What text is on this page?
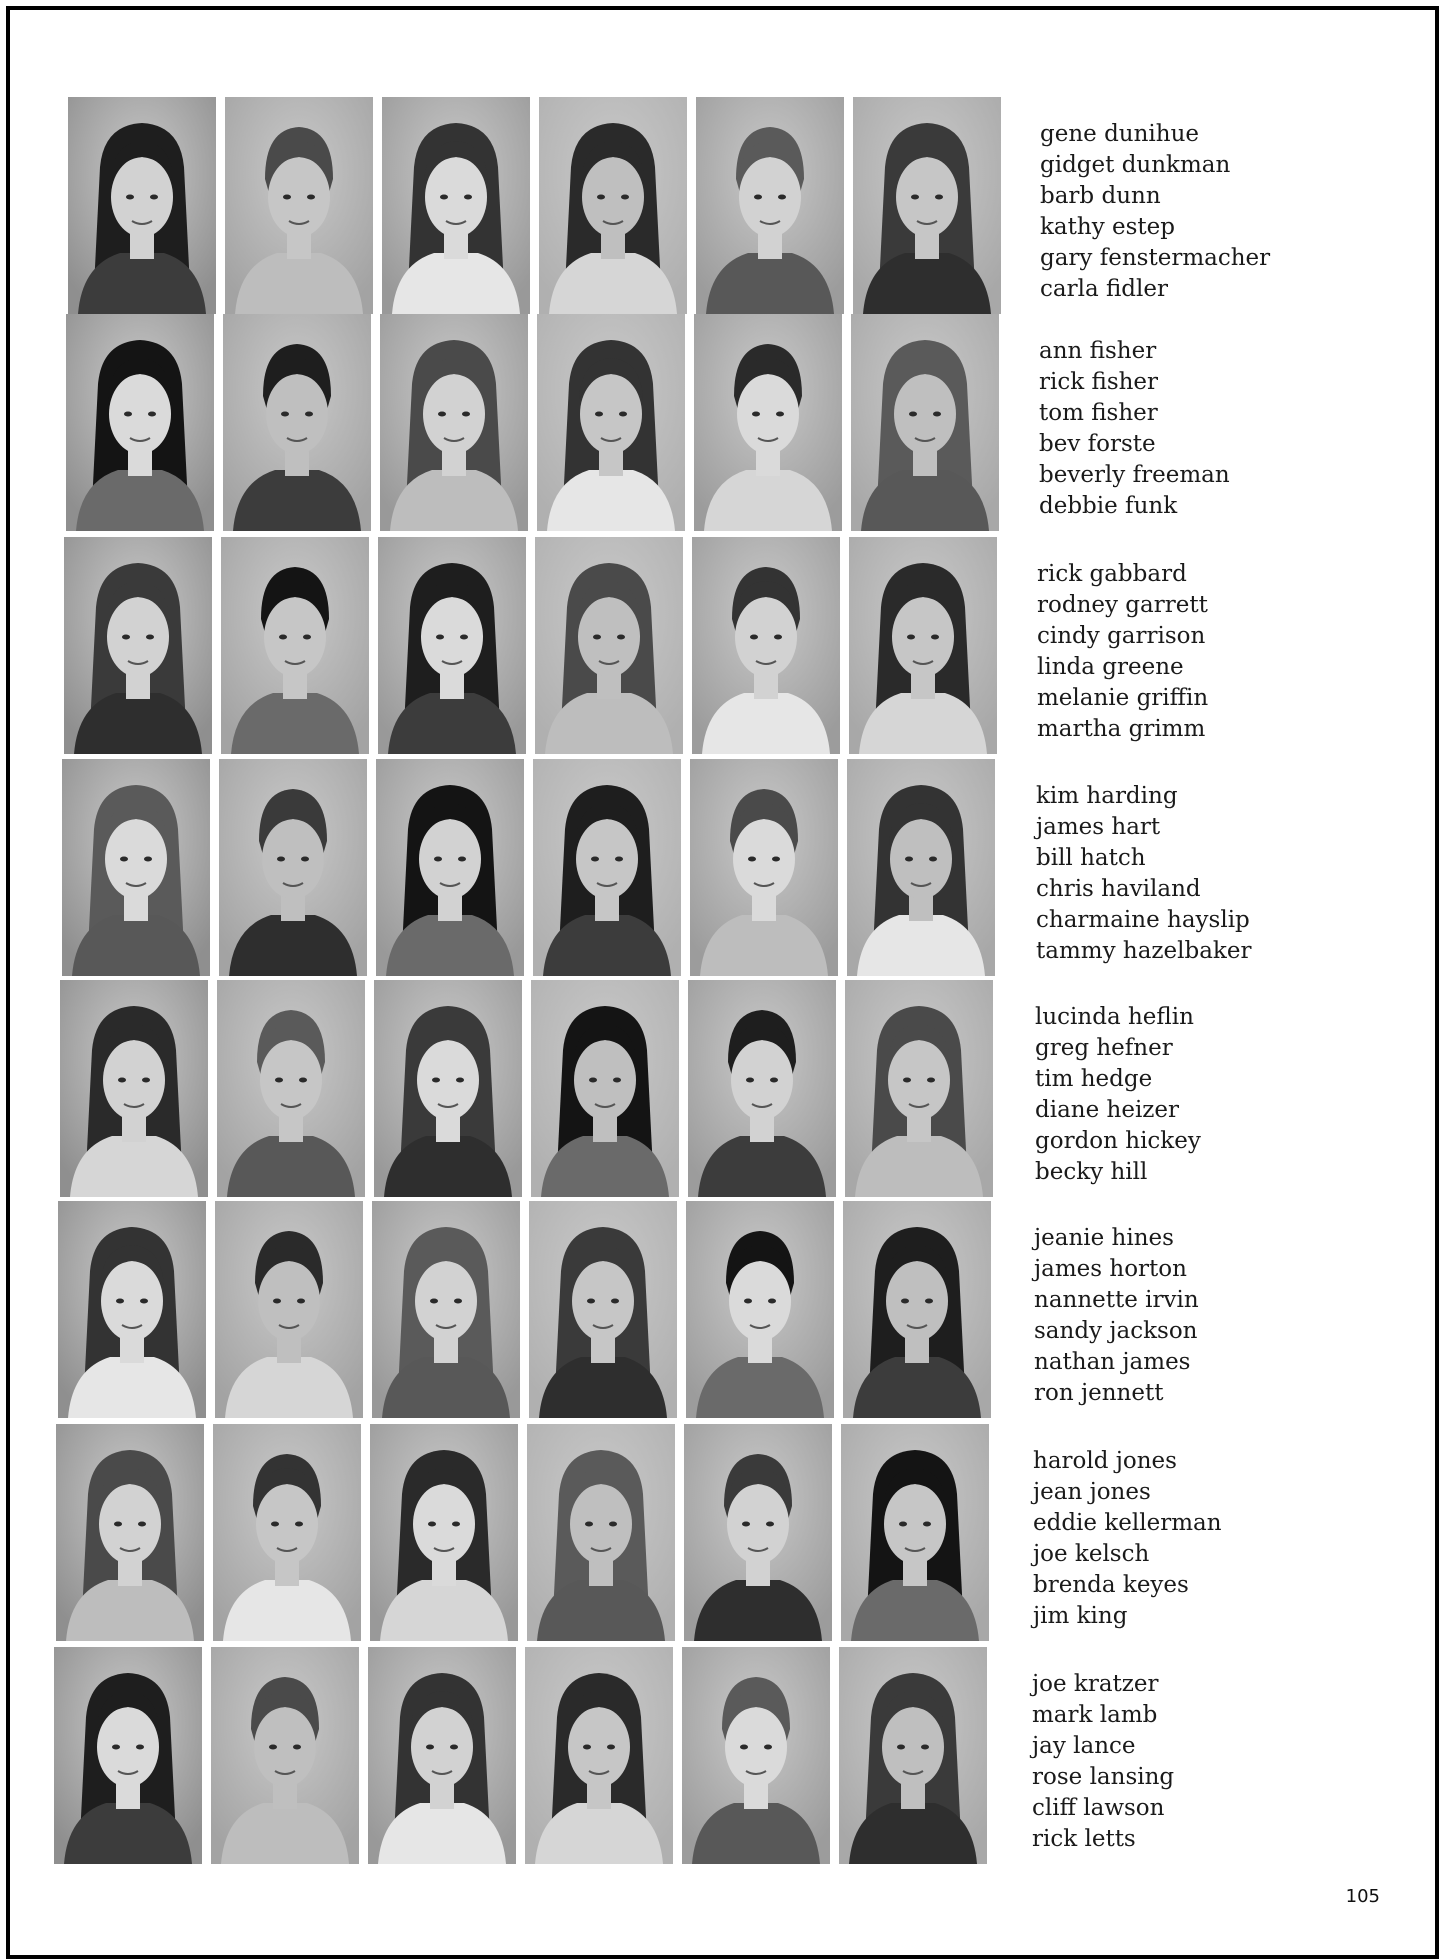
gene dunihue
gidget dunkman
barb dunn
kathy estep
gary fenstermacher
carla fidler
ann fisher
rick fisher
tom fisher
bev forste
beverly freeman
debbie funk
rick gabbard
rodney garrett
cindy garrison
linda greene
melanie griffin
martha grimm
kim harding
james hart
bill hatch
chris haviland
charmaine hayslip
tammy hazelbaker
lucinda heflin
greg hefner
tim hedge
diane heizer
gordon hickey
becky hill
jeanie hines
james horton
nannette irvin
sandy jackson
nathan james
ron jennett
harold jones
jean jones
eddie kellerman
joe kelsch
brenda keyes
jim king
joe kratzer
mark lamb
jay lance
rose lansing
cliff lawson
rick letts
105
